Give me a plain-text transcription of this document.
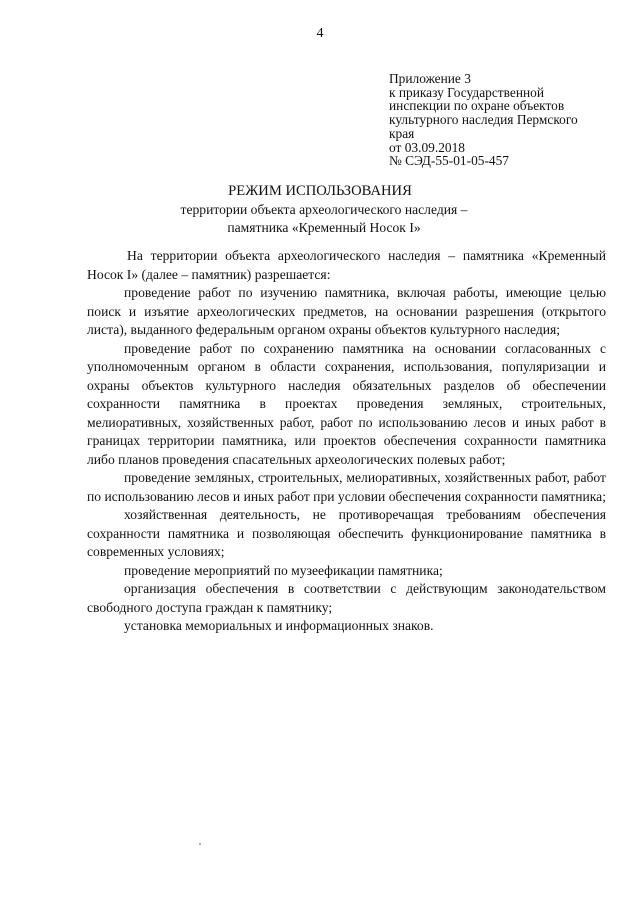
4
Приложение 3
к приказу Государственной
инспекции по охране объектов
культурного наследия Пермского
края
от 03.09.2018
№ СЭД-55-01-05-457
РЕЖИМ ИСПОЛЬЗОВАНИЯ
территории объекта археологического наследия –
памятника «Кременный Носок I»

На территории объекта археологического наследия – памятника «Кременный Носок I» (далее – памятник) разрешается:

проведение работ по изучению памятника, включая работы, имеющие целью поиск и изъятие археологических предметов, на основании разрешения (открытого листа), выданного федеральным органом охраны объектов культурного наследия;

проведение работ по сохранению памятника на основании согласованных с уполномоченным органом в области сохранения, использования, популяризации и охраны объектов культурного наследия обязательных разделов об обеспечении сохранности памятника в проектах проведения земляных, строительных, мелиоративных, хозяйственных работ, работ по использованию лесов и иных работ в границах территории памятника, или проектов обеспечения сохранности памятника либо планов проведения спасательных археологических полевых работ;

проведение земляных, строительных, мелиоративных, хозяйственных работ, работ по использованию лесов и иных работ при условии обеспечения сохранности памятника;

хозяйственная деятельность, не противоречащая требованиям обеспечения сохранности памятника и позволяющая обеспечить функционирование памятника в современных условиях;

проведение мероприятий по музеефикации памятника;

организация обеспечения в соответствии с действующим законодательством свободного доступа граждан к памятнику;

установка мемориальных и информационных знаков.
